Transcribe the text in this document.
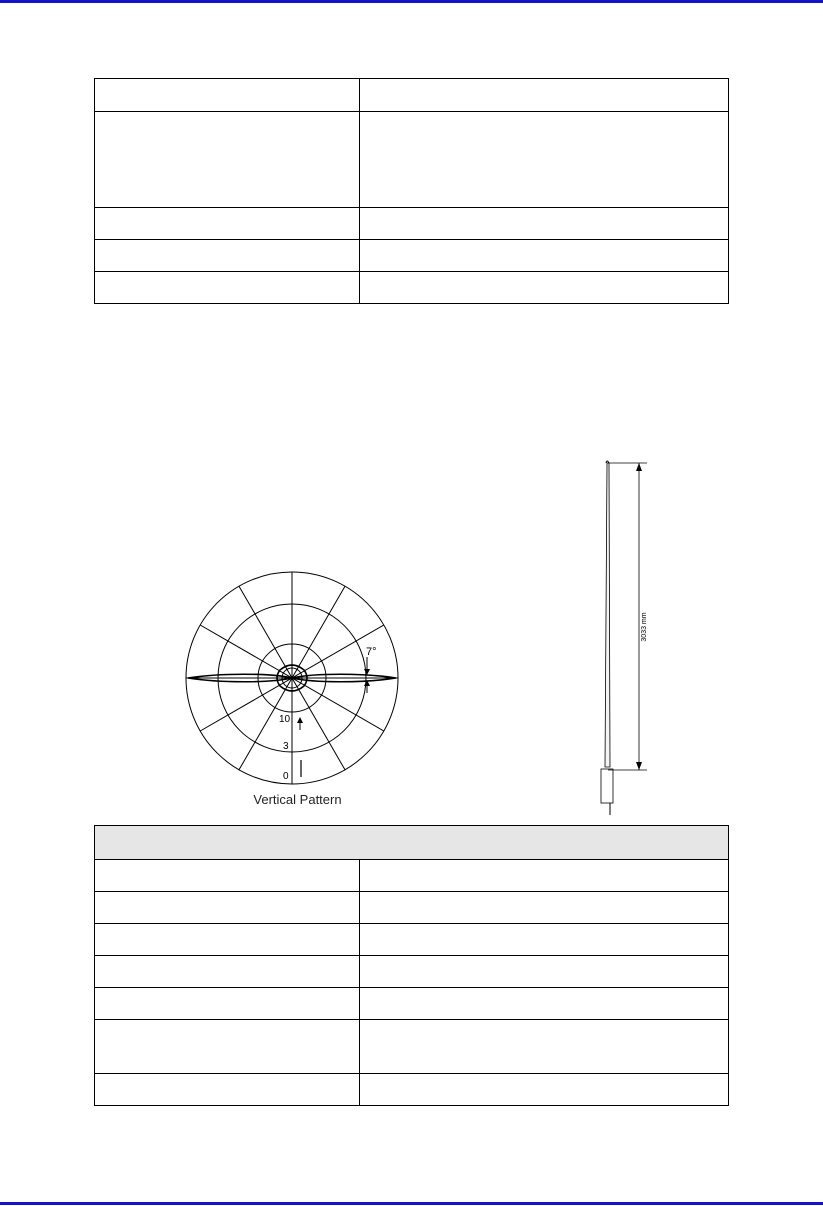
7°
10
3
0
Vertical Pattern
3033 mm
